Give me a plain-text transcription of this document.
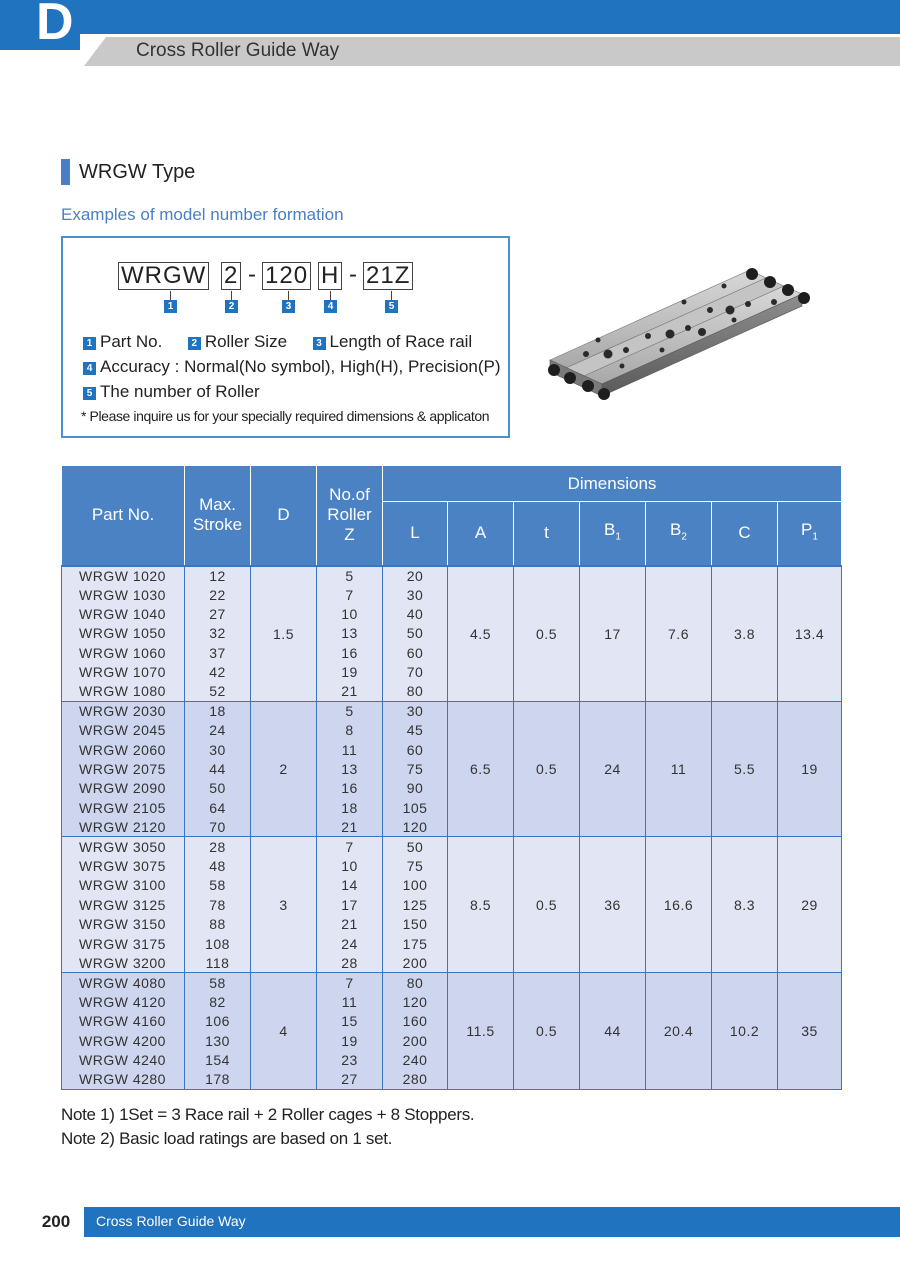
D	Cross Roller Guide Way
WRGW Type
Examples of model number formation
WRGW 2 - 120 H - 21Z
1	2	3	4	5
1 Part No.	2 Roller Size	3 Length of Race rail
4 Accuracy : Normal(No symbol), High(H), Precision(P)
5 The number of Roller
* Please inquire us for your specially required dimensions & applicaton
Part No.	Max.
Stroke	D	No.of
Roller
Z	Dimensions						
				L	A	t	$B_1$	$B_2$	C	$P_1$
WRGW 1020	12	1.5	5	20	4.5	0.5	17	7.6	3.8	13.4
WRGW 1030	22		7	30						
WRGW 1040	27		10	40						
WRGW 1050	32		13	50						
WRGW 1060	37		16	60						
WRGW 1070	42		19	70						
WRGW 1080	52		21	80						
WRGW 2030	18	2	5	30	6.5	0.5	24	11	5.5	19
WRGW 2045	24		8	45						
WRGW 2060	30		11	60						
WRGW 2075	44		13	75						
WRGW 2090	50		16	90						
WRGW 2105	64		18	105						
WRGW 2120	70		21	120						
WRGW 3050	28	3	7	50	8.5	0.5	36	16.6	8.3	29
WRGW 3075	48		10	75						
WRGW 3100	58		14	100						
WRGW 3125	78		17	125						
WRGW 3150	88		21	150						
WRGW 3175	108		24	175						
WRGW 3200	118		28	200						
WRGW 4080	58	4	7	80	11.5	0.5	44	20.4	10.2	35
WRGW 4120	82		11	120						
WRGW 4160	106		15	160						
WRGW 4200	130		19	200						
WRGW 4240	154		23	240						
WRGW 4280	178		27	280						
Note 1) 1Set = 3 Race rail + 2 Roller cages + 8 Stoppers.
Note 2) Basic load ratings are based on 1 set.
200	Cross Roller Guide Way
